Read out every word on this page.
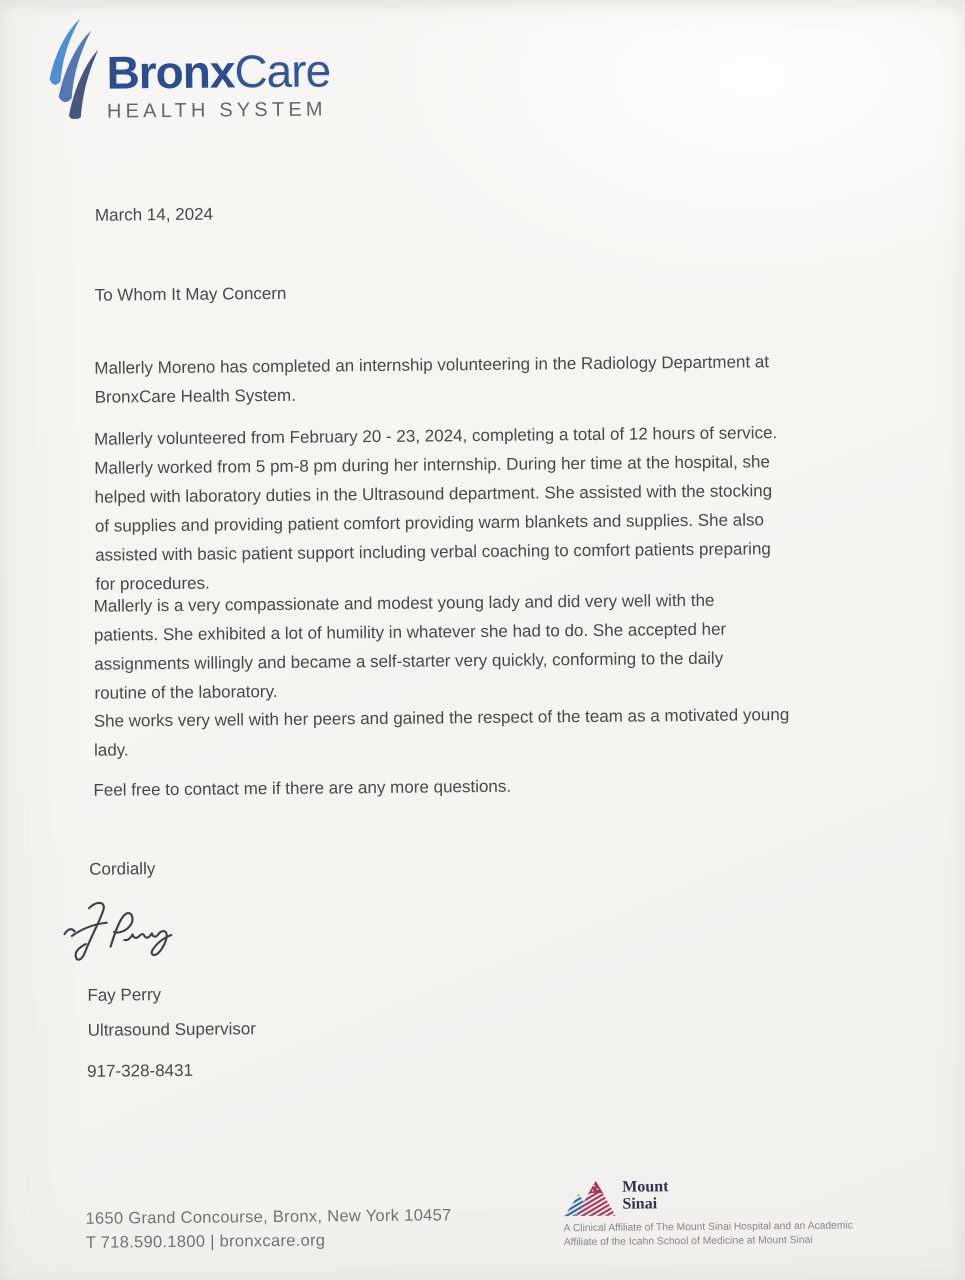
BronxCare
HEALTH SYSTEM
March 14, 2024
To Whom It May Concern
Mallerly Moreno has completed an internship volunteering in the Radiology Department at
BronxCare Health System.
Mallerly volunteered from February 20 - 23, 2024, completing a total of 12 hours of service.
Mallerly worked from 5 pm-8 pm during her internship. During her time at the hospital, she
helped with laboratory duties in the Ultrasound department. She assisted with the stocking
of supplies and providing patient comfort providing warm blankets and supplies. She also
assisted with basic patient support including verbal coaching to comfort patients preparing
for procedures.
Mallerly is a very compassionate and modest young lady and did very well with the
patients. She exhibited a lot of humility in whatever she had to do. She accepted her
assignments willingly and became a self-starter very quickly, conforming to the daily
routine of the laboratory.
She works very well with her peers and gained the respect of the team as a motivated young
lady.
Feel free to contact me if there are any more questions.
Cordially
Fay Perry
Ultrasound Supervisor
917-328-8431
1650 Grand Concourse, Bronx, New York 10457
T 718.590.1800 | bronxcare.org
Mount
Sinai
A Clinical Affiliate of The Mount Sinai Hospital and an Academic
Affiliate of the Icahn School of Medicine at Mount Sinai
